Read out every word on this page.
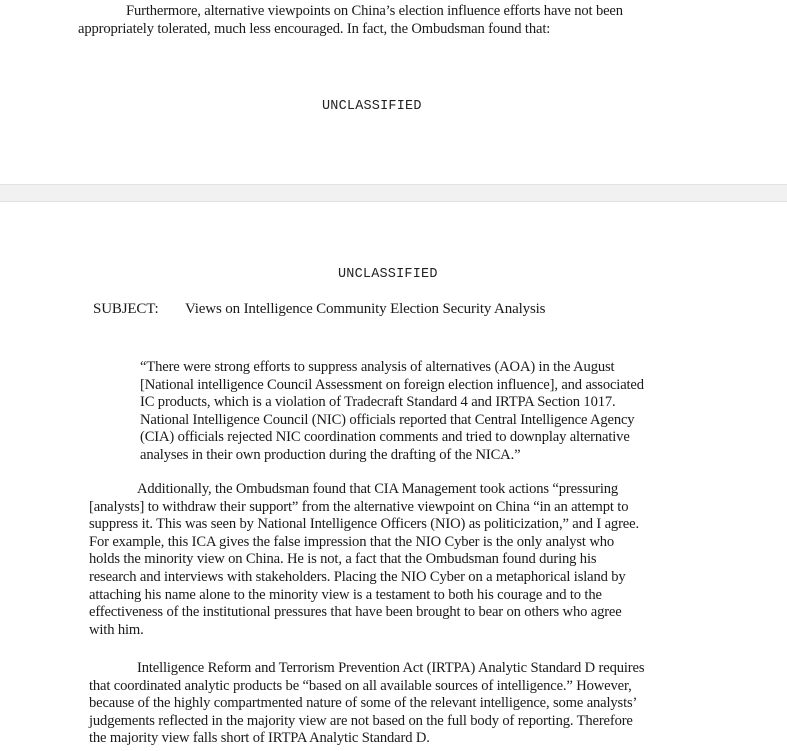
Furthermore, alternative viewpoints on China’s election influence efforts have not been
appropriately tolerated, much less encouraged. In fact, the Ombudsman found that:
UNCLASSIFIED
UNCLASSIFIED
SUBJECT: Views on Intelligence Community Election Security Analysis
“There were strong efforts to suppress analysis of alternatives (AOA) in the August
[National intelligence Council Assessment on foreign election influence], and associated
IC products, which is a violation of Tradecraft Standard 4 and IRTPA Section 1017.
National Intelligence Council (NIC) officials reported that Central Intelligence Agency
(CIA) officials rejected NIC coordination comments and tried to downplay alternative
analyses in their own production during the drafting of the NICA.”
Additionally, the Ombudsman found that CIA Management took actions “pressuring
[analysts] to withdraw their support” from the alternative viewpoint on China “in an attempt to
suppress it. This was seen by National Intelligence Officers (NIO) as politicization,” and I agree.
For example, this ICA gives the false impression that the NIO Cyber is the only analyst who
holds the minority view on China. He is not, a fact that the Ombudsman found during his
research and interviews with stakeholders. Placing the NIO Cyber on a metaphorical island by
attaching his name alone to the minority view is a testament to both his courage and to the
effectiveness of the institutional pressures that have been brought to bear on others who agree
with him.
Intelligence Reform and Terrorism Prevention Act (IRTPA) Analytic Standard D requires
that coordinated analytic products be “based on all available sources of intelligence.” However,
because of the highly compartmented nature of some of the relevant intelligence, some analysts’
judgements reflected in the majority view are not based on the full body of reporting. Therefore
the majority view falls short of IRTPA Analytic Standard D.
